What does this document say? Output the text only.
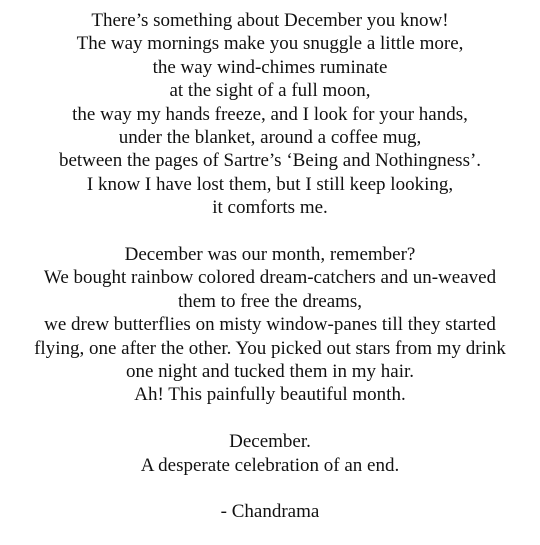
There’s something about December you know!
The way mornings make you snuggle a little more,
the way wind-chimes ruminate
at the sight of a full moon,
the way my hands freeze, and I look for your hands,
under the blanket, around a coffee mug,
between the pages of Sartre’s ‘Being and Nothingness’.
I know I have lost them, but I still keep looking,
it comforts me.
December was our month, remember?
We bought rainbow colored dream-catchers and un-weaved
them to free the dreams,
we drew butterflies on misty window-panes till they started
flying, one after the other. You picked out stars from my drink
one night and tucked them in my hair.
Ah! This painfully beautiful month.
December.
A desperate celebration of an end.
- Chandrama
